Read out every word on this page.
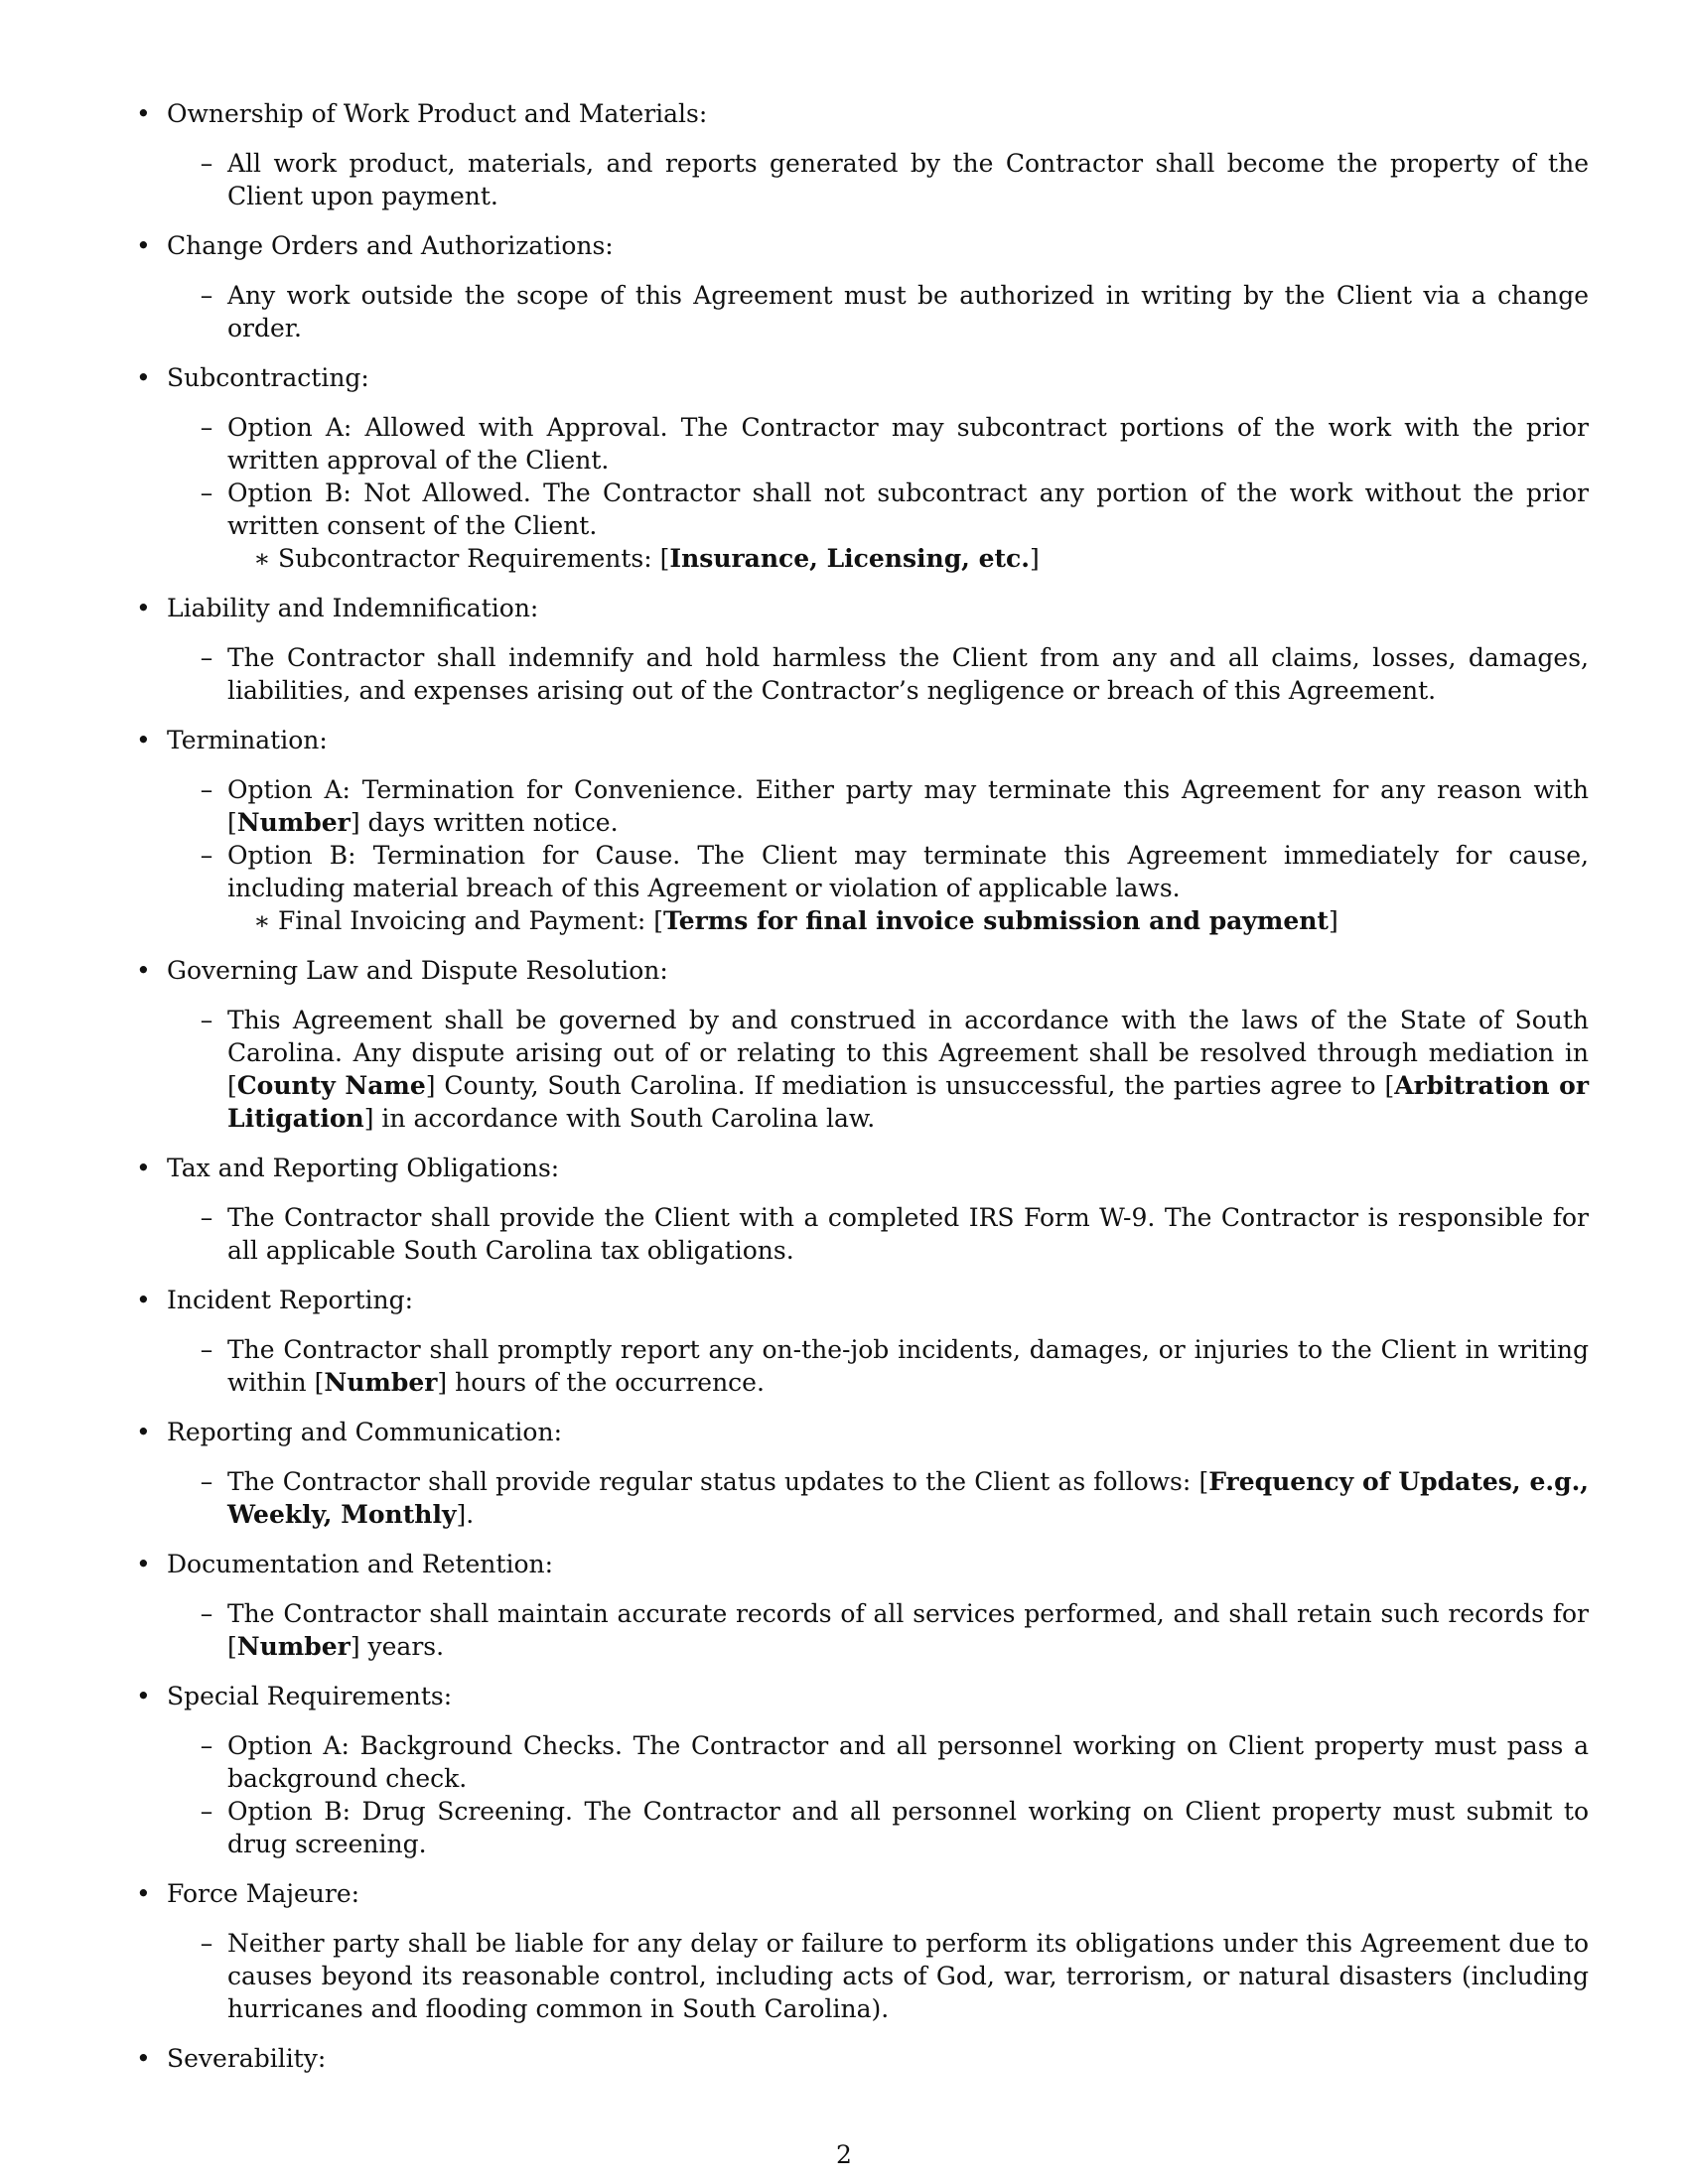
• Ownership of Work Product and Materials:
– All work product, materials, and reports generated by the Contractor shall become the property of the Client upon payment.
• Change Orders and Authorizations:
– Any work outside the scope of this Agreement must be authorized in writing by the Client via a change order.
• Subcontracting:
– Option A: Allowed with Approval. The Contractor may subcontract portions of the work with the prior written approval of the Client.
– Option B: Not Allowed. The Contractor shall not subcontract any portion of the work without the prior written consent of the Client.
∗ Subcontractor Requirements: [Insurance, Licensing, etc.]
• Liability and Indemnification:
– The Contractor shall indemnify and hold harmless the Client from any and all claims, losses, damages, liabilities, and expenses arising out of the Contractor’s negligence or breach of this Agreement.
• Termination:
– Option A: Termination for Convenience. Either party may terminate this Agreement for any reason with [Number] days written notice.
– Option B: Termination for Cause. The Client may terminate this Agreement immediately for cause, including material breach of this Agreement or violation of applicable laws.
∗ Final Invoicing and Payment: [Terms for final invoice submission and payment]
• Governing Law and Dispute Resolution:
– This Agreement shall be governed by and construed in accordance with the laws of the State of South Carolina. Any dispute arising out of or relating to this Agreement shall be resolved through mediation in [County Name] County, South Carolina. If mediation is unsuccessful, the parties agree to [Arbitration or Litigation] in accordance with South Carolina law.
• Tax and Reporting Obligations:
– The Contractor shall provide the Client with a completed IRS Form W-9. The Contractor is responsible for all applicable South Carolina tax obligations.
• Incident Reporting:
– The Contractor shall promptly report any on-the-job incidents, damages, or injuries to the Client in writing within [Number] hours of the occurrence.
• Reporting and Communication:
– The Contractor shall provide regular status updates to the Client as follows: [Frequency of Updates, e.g., Weekly, Monthly].
• Documentation and Retention:
– The Contractor shall maintain accurate records of all services performed, and shall retain such records for [Number] years.
• Special Requirements:
– Option A: Background Checks. The Contractor and all personnel working on Client property must pass a background check.
– Option B: Drug Screening. The Contractor and all personnel working on Client property must submit to drug screening.
• Force Majeure:
– Neither party shall be liable for any delay or failure to perform its obligations under this Agreement due to causes beyond its reasonable control, including acts of God, war, terrorism, or natural disasters (including hurricanes and flooding common in South Carolina).
• Severability:
2
